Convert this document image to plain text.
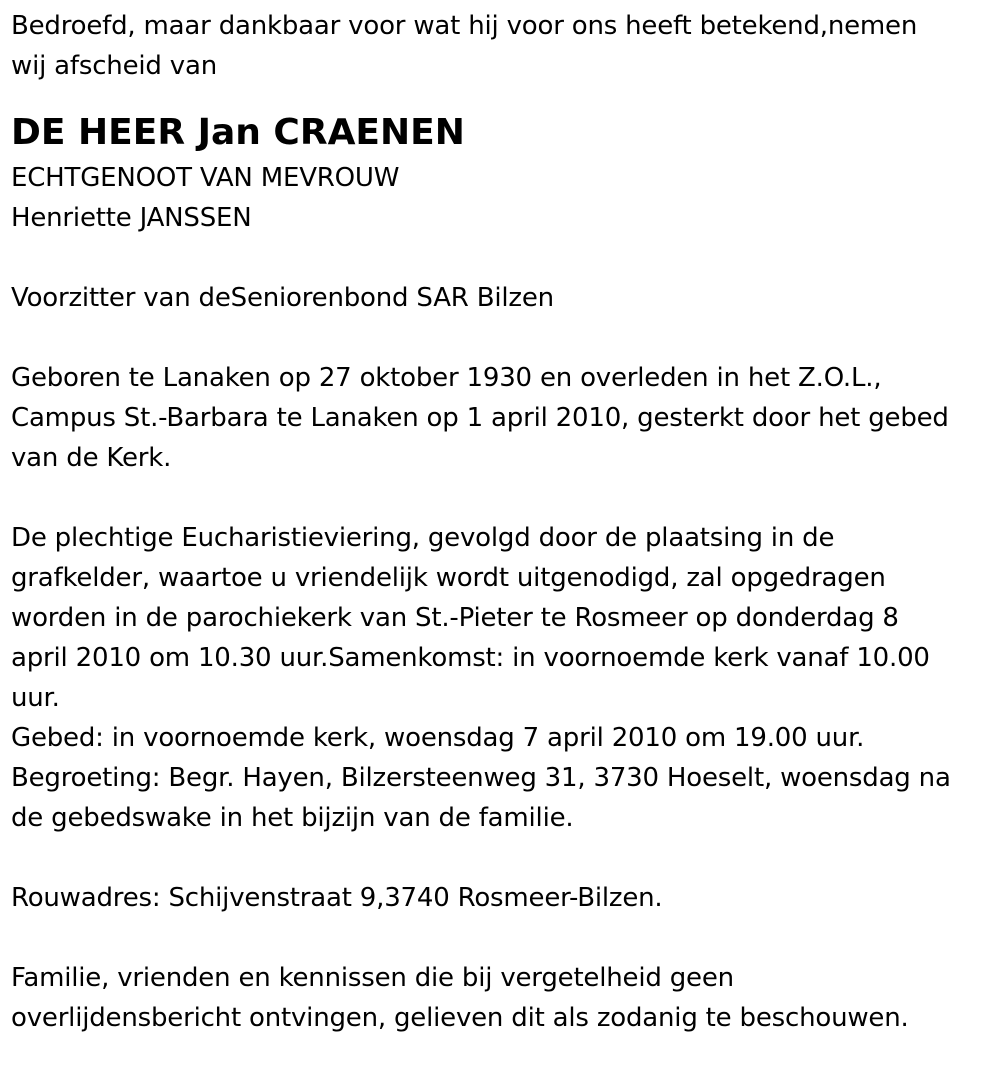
Bedroefd, maar dankbaar voor wat hij voor ons heeft betekend,nemen
wij afscheid van
DE HEER Jan CRAENEN
ECHTGENOOT VAN MEVROUW
Henriette JANSSEN
Voorzitter van deSeniorenbond SAR Bilzen
Geboren te Lanaken op 27 oktober 1930 en overleden in het Z.O.L.,
Campus St.-Barbara te Lanaken op 1 april 2010, gesterkt door het gebed
van de Kerk.
De plechtige Eucharistieviering, gevolgd door de plaatsing in de
grafkelder, waartoe u vriendelijk wordt uitgenodigd, zal opgedragen
worden in de parochiekerk van St.-Pieter te Rosmeer op donderdag 8
april 2010 om 10.30 uur.Samenkomst: in voornoemde kerk vanaf 10.00
uur.
Gebed: in voornoemde kerk, woensdag 7 april 2010 om 19.00 uur.
Begroeting: Begr. Hayen, Bilzersteenweg 31, 3730 Hoeselt, woensdag na
de gebedswake in het bijzijn van de familie.
Rouwadres: Schijvenstraat 9,3740 Rosmeer-Bilzen.
Familie, vrienden en kennissen die bij vergetelheid geen
overlijdensbericht ontvingen, gelieven dit als zodanig te beschouwen.
